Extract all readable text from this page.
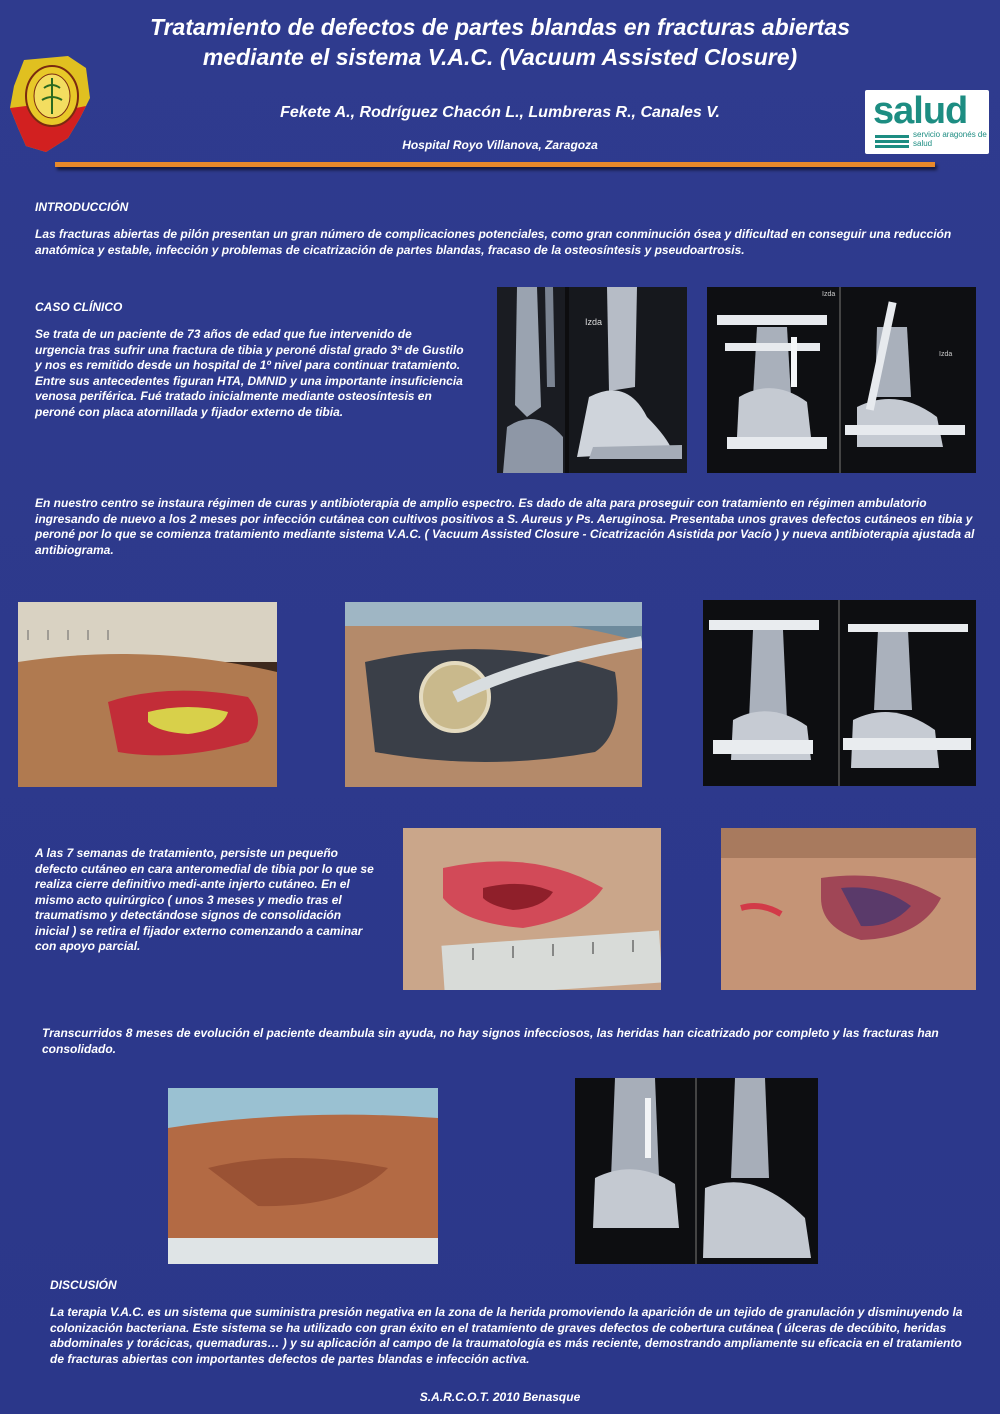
Tratamiento de defectos de partes blandas en fracturas abiertas
mediante el sistema V.A.C. (Vacuum Assisted Closure)
salud
servicio aragonés de salud
Fekete A., Rodríguez Chacón L., Lumbreras R., Canales V.
Hospital Royo Villanova, Zaragoza
INTRODUCCIÓN
Las fracturas abiertas de pilón presentan un gran número de complicaciones potenciales, como gran conminución ósea y dificultad en conseguir una reducción anatómica y estable, infección y problemas de cicatrización de partes blandas, fracaso de la osteosíntesis y pseudoartrosis.
CASO CLÍNICO
Se trata de un paciente de 73 años de edad que fue intervenido de urgencia tras sufrir una fractura de tibia y peroné distal grado 3ª de Gustilo y nos es remitido desde un hospital de 1º nivel para continuar tratamiento.
Entre sus antecedentes figuran HTA, DMNID y una importante insuficiencia venosa periférica. Fué tratado inicialmente mediante osteosíntesis en peroné con placa atornillada y fijador externo de tibia.
Izda
Izda
Izda
En nuestro centro se instaura régimen de curas y antibioterapia de amplio espectro. Es dado de alta para proseguir con tratamiento en régimen ambulatorio ingresando de nuevo a los 2 meses por infección cutánea con cultivos positivos a S. Aureus y Ps. Aeruginosa. Presentaba unos graves defectos cutáneos en tibia y peroné por lo que se comienza tratamiento mediante sistema V.A.C. ( Vacuum Assisted Closure - Cicatrización Asistida por Vacío ) y nueva antibioterapia ajustada al antibiograma.
A las 7 semanas de tratamiento, persiste un pequeño defecto cutáneo en cara anteromedial de tibia por lo que se realiza cierre definitivo medi-ante injerto cutáneo. En el mismo acto quirúrgico ( unos 3 meses y medio tras el traumatismo y detectándose signos de consolidación inicial ) se retira el fijador externo comenzando a caminar con apoyo parcial.
Transcurridos 8 meses de evolución el paciente deambula sin ayuda, no hay signos infecciosos, las heridas han cicatrizado por completo y las fracturas han consolidado.
DISCUSIÓN
La terapia V.A.C. es un sistema que suministra presión negativa en la zona de la herida promoviendo la aparición de un tejido de granulación y disminuyendo la colonización bacteriana. Este sistema se ha utilizado con gran éxito en el tratamiento de graves defectos de cobertura cutánea ( úlceras de decúbito, heridas abdominales y torácicas, quemaduras… ) y su aplicación al campo de la traumatología es más reciente, demostrando ampliamente su eficacia en el tratamiento de fracturas abiertas con importantes defectos de partes blandas e infección activa.
S.A.R.C.O.T. 2010 Benasque
